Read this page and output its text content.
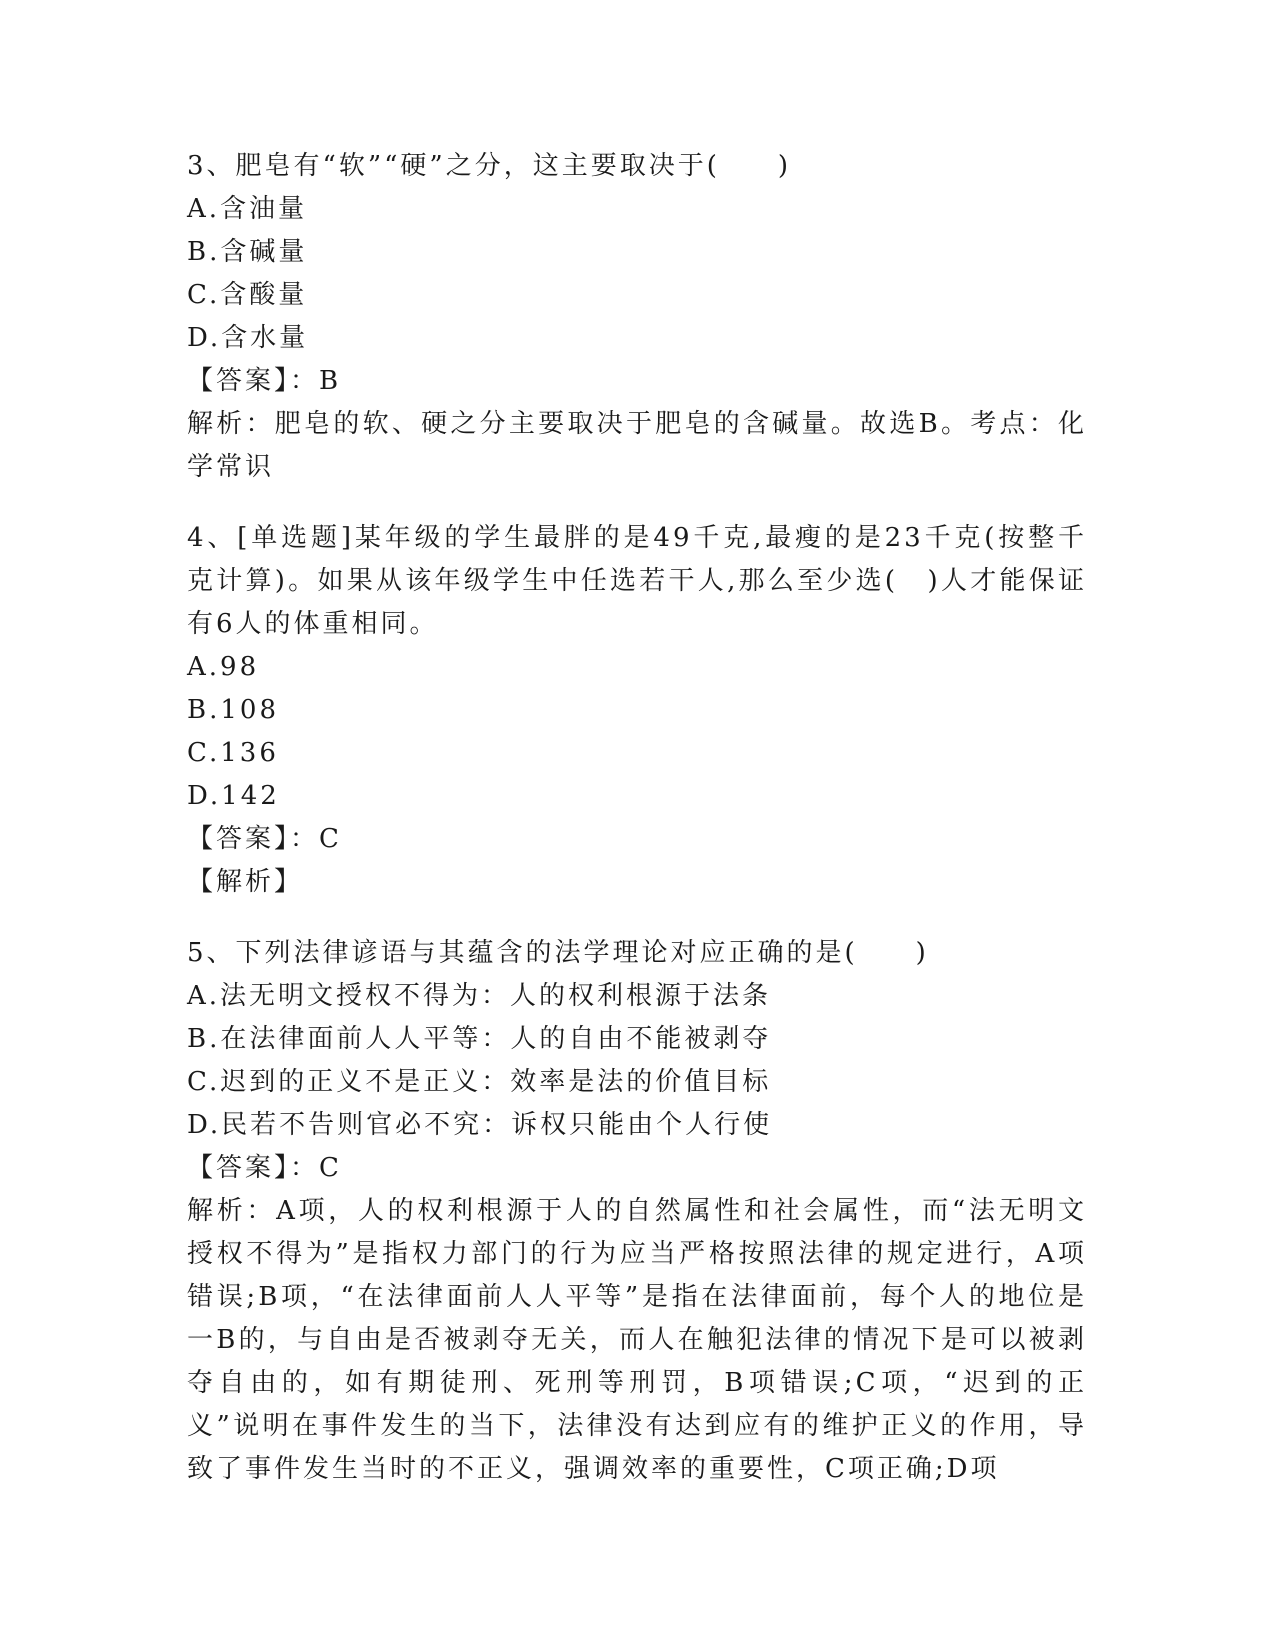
3、肥皂有“软”“硬”之分，这主要取决于(　　)
A.含油量
B.含碱量
C.含酸量
D.含水量
【答案】：B
解析：肥皂的软、硬之分主要取决于肥皂的含碱量。故选B。考点：化学常识
4、[单选题]某年级的学生最胖的是49千克,最瘦的是23千克(按整千克计算)。如果从该年级学生中任选若干人,那么至少选(　)人才能保证有6人的体重相同。
A.98
B.108
C.136
D.142
【答案】：C
【解析】
5、下列法律谚语与其蕴含的法学理论对应正确的是(　　)
A.法无明文授权不得为：人的权利根源于法条
B.在法律面前人人平等：人的自由不能被剥夺
C.迟到的正义不是正义：效率是法的价值目标
D.民若不告则官必不究：诉权只能由个人行使
【答案】：C
解析：A项，人的权利根源于人的自然属性和社会属性，而“法无明文授权不得为”是指权力部门的行为应当严格按照法律的规定进行，A项错误;B项，“在法律面前人人平等”是指在法律面前，每个人的地位是一B的，与自由是否被剥夺无关，而人在触犯法律的情况下是可以被剥夺自由的，如有期徒刑、死刑等刑罚，B项错误;C项，“迟到的正义”说明在事件发生的当下，法律没有达到应有的维护正义的作用，导致了事件发生当时的不正义，强调效率的重要性，C项正确;D项
